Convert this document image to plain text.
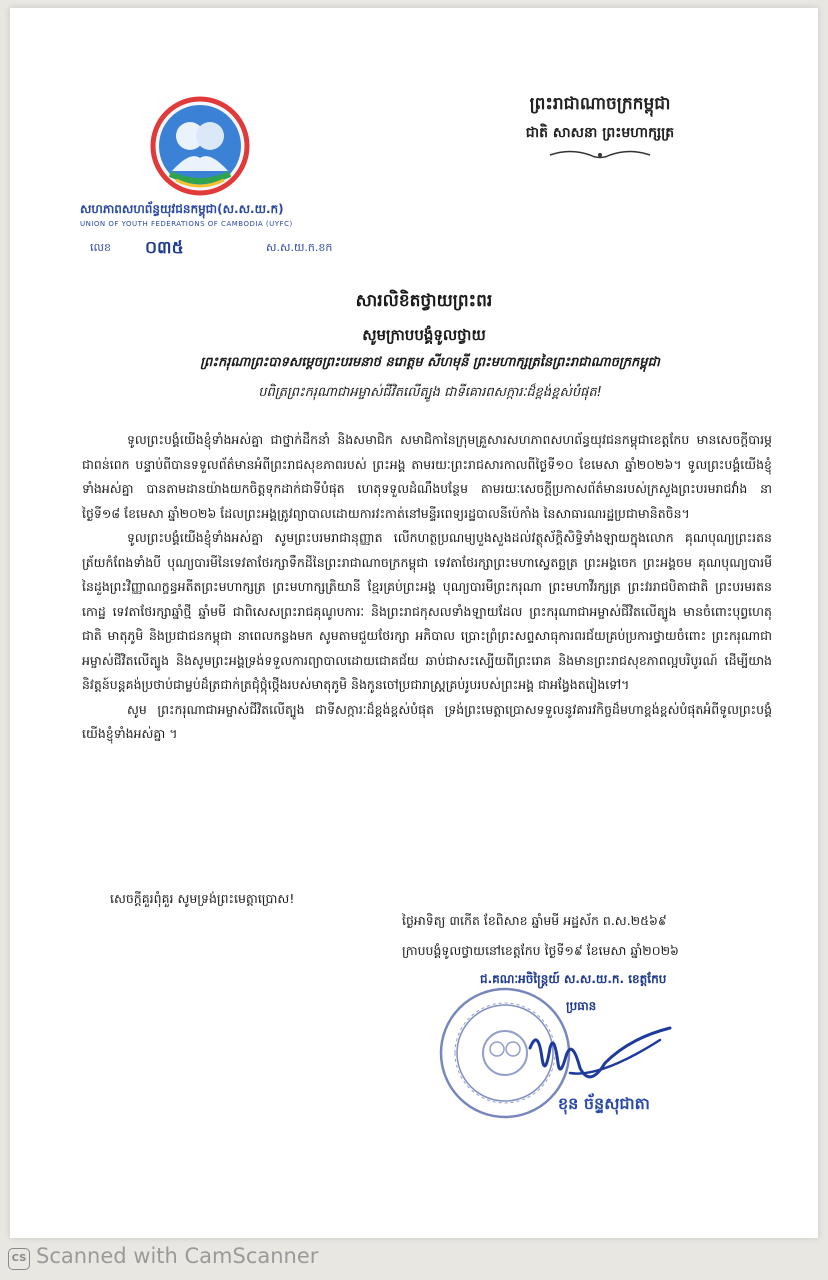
សហភាពសហព័ន្ធយុវជនកម្ពុជា(ស.ស.យ.ក)
UNION OF YOUTH FEDERATIONS OF CAMBODIA (UYFC)
លេខ ០៣៥	ស.ស.យ.ក.ខក
ព្រះរាជាណាចក្រកម្ពុជា
ជាតិ សាសនា ព្រះមហាក្សត្រ
សារលិខិតថ្វាយព្រះពរ
សូមក្រាបបង្គំទូលថ្វាយ
ព្រះករុណាព្រះបាទសម្តេចព្រះបរមនាថ នរោត្តម សីហមុនី ព្រះមហាក្សត្រនៃព្រះរាជាណាចក្រកម្ពុជា
បពិត្រព្រះករុណាជាអម្ចាស់ជីវិតលើត្បូង ជាទីគោរពសក្ការៈដ៏ខ្ពង់ខ្ពស់បំផុត!

ទូលព្រះបង្គំយើងខ្ញុំទាំងអស់គ្នា ជាថ្នាក់ដឹកនាំ និងសមាជិក សមាជិកានៃក្រុមគ្រួសារសហភាពសហព័ន្ធយុវជនកម្ពុជាខេត្តកែប មានសេចក្តីបារម្ភជាពន់ពេក បន្ទាប់ពីបានទទួលព័ត៌មានអំពីព្រះរាជសុខភាពរបស់ ព្រះអង្គ តាមរយៈព្រះរាជសារកាលពីថ្ងៃទី១០ ខែមេសា ឆ្នាំ២០២៦។ ទូលព្រះបង្គំយើងខ្ញុំទាំងអស់គ្នា បានតាមដានយ៉ាងយកចិត្តទុកដាក់ជាទីបំផុត ហេតុទទួលដំណឹងបន្ថែម តាមរយៈសេចក្តីប្រកាសព័ត៌មានរបស់ក្រសួងព្រះបរមរាជវាំង នាថ្ងៃទី១៨ ខែមេសា ឆ្នាំ២០២៦ ដែលព្រះអង្គត្រូវព្យាបាលដោយការវះកាត់នៅមន្ទីរពេទ្យរដ្ឋបាលនីប៉េកាំង នៃសាធារណរដ្ឋប្រជាមានិតចិន។

ទូលព្រះបង្គំយើងខ្ញុំទាំងអស់គ្នា សូមព្រះបរមរាជានុញ្ញាត លើកហត្ថប្រណម្យបួងសួងដល់វត្ថុស័ក្តិសិទ្ធិទាំងឡាយក្នុងលោក គុណបុណ្យព្រះរតនត្រ័យកំពែងទាំងបី បុណ្យបារមីនៃទេវតាថែរក្សាទឹកដីនៃព្រះរាជាណាចក្រកម្ពុជា ទេវតាថែរក្សាព្រះមហាស្វេតច្ឆត្រ ព្រះអង្គចេក ព្រះអង្គចម គុណបុណ្យបារមីនៃដួងព្រះវិញ្ញាណក្ខន្ធអតីតព្រះមហាក្សត្រ ព្រះមហាក្សត្រិយានី ខ្មែរគ្រប់ព្រះអង្គ បុណ្យបារមីព្រះករុណា ព្រះមហាវីរក្សត្រ ព្រះវររាជបិតាជាតិ ព្រះបរមរតនកោដ្ឋ ទេវតាថែរក្សាឆ្នាំថ្មី ឆ្នាំមមី ជាពិសេសព្រះរាជគុណូបការៈ និងព្រះរាជកុសលទាំងឡាយដែល ព្រះករុណាជាអម្ចាស់ជីវិតលើត្បូង មានចំពោះបុព្វហេតុជាតិ មាតុភូមិ និងប្រជាជនកម្ពុជា នាពេលកន្លងមក សូមតាមជួយថែរក្សា អភិបាល ប្រោះព្រំព្រះសព្ទសាធុការពរជ័យគ្រប់ប្រការថ្វាយចំពោះ ព្រះករុណាជាអម្ចាស់ជីវិតលើត្បូង និងសូមព្រះអង្គទ្រង់ទទួលការព្យាបាលដោយជោគជ័យ ឆាប់ជាសះស្បើយពីព្រះរោគ និងមានព្រះរាជសុខភាពល្អបរិបូរណ៍ ដើម្បីយាងនិវត្តន៍បន្តគង់ប្រថាប់ជាម្លប់ដ៏ត្រជាក់ត្រជុំថ្កុំថ្កើងរបស់មាតុភូមិ និងកូនចៅប្រជារាស្ត្រគ្រប់រូបរបស់ព្រះអង្គ ជាអង្វែងតរៀងទៅ។

សូម ព្រះករុណាជាអម្ចាស់ជីវិតលើត្បូង ជាទីសក្ការៈដ៏ខ្ពង់ខ្ពស់បំផុត ទ្រង់ព្រះមេត្តាប្រោសទទួលនូវគារវកិច្ចដ៏មហាខ្ពង់ខ្ពស់បំផុតអំពីទូលព្រះបង្គំយើងខ្ញុំទាំងអស់គ្នា ។

សេចក្តីគួរពុំគួរ សូមទ្រង់ព្រះមេត្តាប្រោស!
ថ្ងៃអាទិត្យ ៣កើត ខែពិសាខ ឆ្នាំមមី អដ្ឋស័ក ព.ស.២៥៦៩
ក្រាបបង្គំទូលថ្វាយនៅខេត្តកែប ថ្ងៃទី១៩ ខែមេសា ឆ្នាំ២០២៦
ជ.គណៈអចិន្ត្រៃយ៍ ស.ស.យ.ក. ខេត្តកែប
ប្រធាន
ខុន ច័ន្ទសុជាតា
CS Scanned with CamScanner
